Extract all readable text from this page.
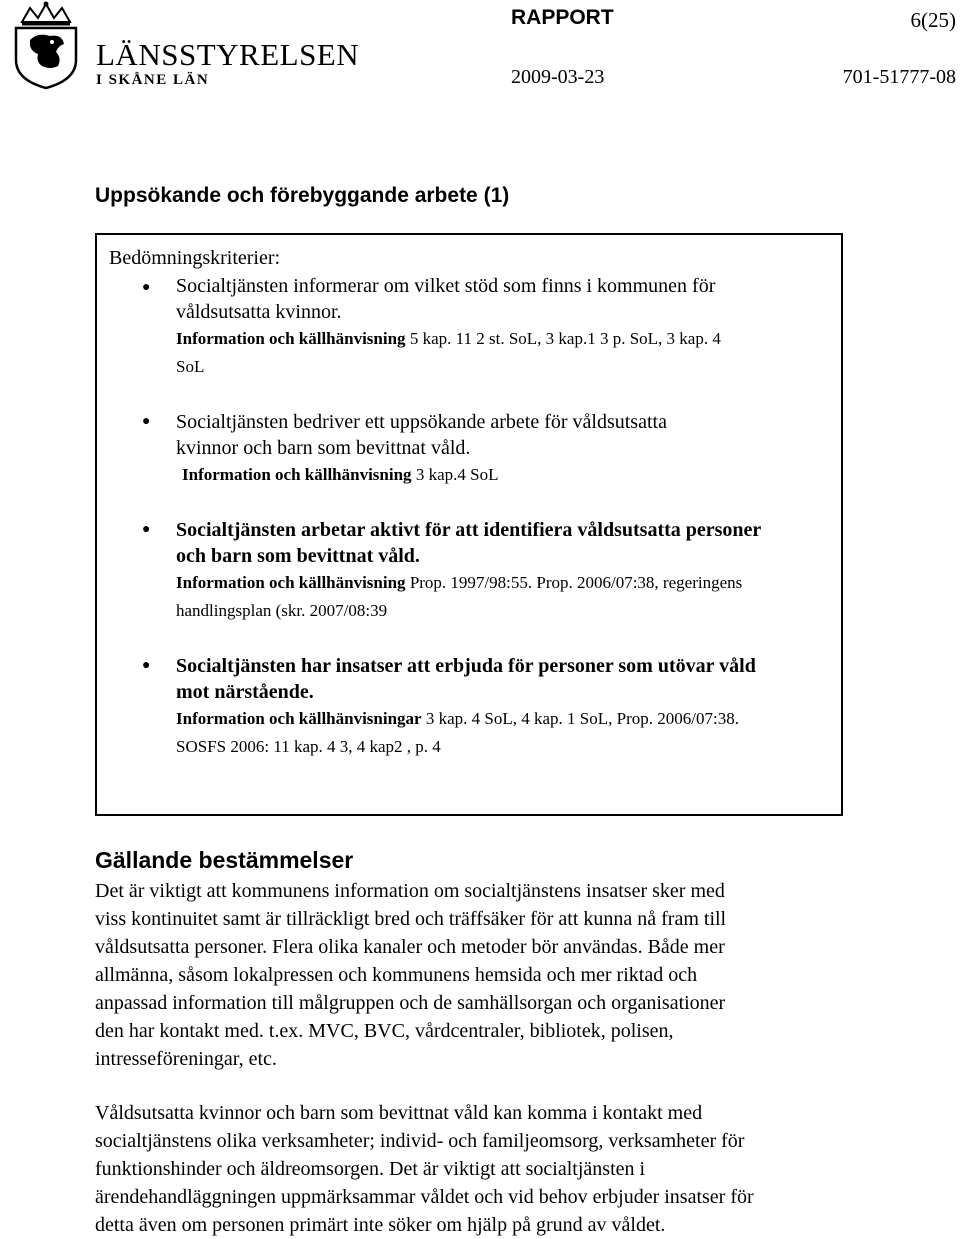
LÄNSSTYRELSEN
I SKÅNE LÄN
RAPPORT	6(25)
2009-03-23	701-51777-08
Uppsökande och förebyggande arbete (1)
Bedömningskriterier:
● Socialtjänsten informerar om vilket stöd som finns i kommunen för
våldsutsatta kvinnor.
Information och källhänvisning 5 kap. 11 2 st. SoL, 3 kap.1 3 p. SoL, 3 kap. 4
SoL
● Socialtjänsten bedriver ett uppsökande arbete för våldsutsatta
kvinnor och barn som bevittnat våld.
Information och källhänvisning 3 kap.4 SoL
● Socialtjänsten arbetar aktivt för att identifiera våldsutsatta personer
och barn som bevittnat våld.
Information och källhänvisning Prop. 1997/98:55. Prop. 2006/07:38, regeringens
handlingsplan (skr. 2007/08:39
● Socialtjänsten har insatser att erbjuda för personer som utövar våld
mot närstående.
Information och källhänvisningar 3 kap. 4 SoL, 4 kap. 1 SoL, Prop. 2006/07:38.
SOSFS 2006: 11 kap. 4 3, 4 kap2 , p. 4
Gällande bestämmelser
Det är viktigt att kommunens information om socialtjänstens insatser sker med
viss kontinuitet samt är tillräckligt bred och träffsäker för att kunna nå fram till
våldsutsatta personer. Flera olika kanaler och metoder bör användas. Både mer
allmänna, såsom lokalpressen och kommunens hemsida och mer riktad och
anpassad information till målgruppen och de samhällsorgan och organisationer
den har kontakt med. t.ex. MVC, BVC, vårdcentraler, bibliotek, polisen,
intresseföreningar, etc.
Våldsutsatta kvinnor och barn som bevittnat våld kan komma i kontakt med
socialtjänstens olika verksamheter; individ- och familjeomsorg, verksamheter för
funktionshinder och äldreomsorgen. Det är viktigt att socialtjänsten i
ärendehandläggningen uppmärksammar våldet och vid behov erbjuder insatser för
detta även om personen primärt inte söker om hjälp på grund av våldet.
